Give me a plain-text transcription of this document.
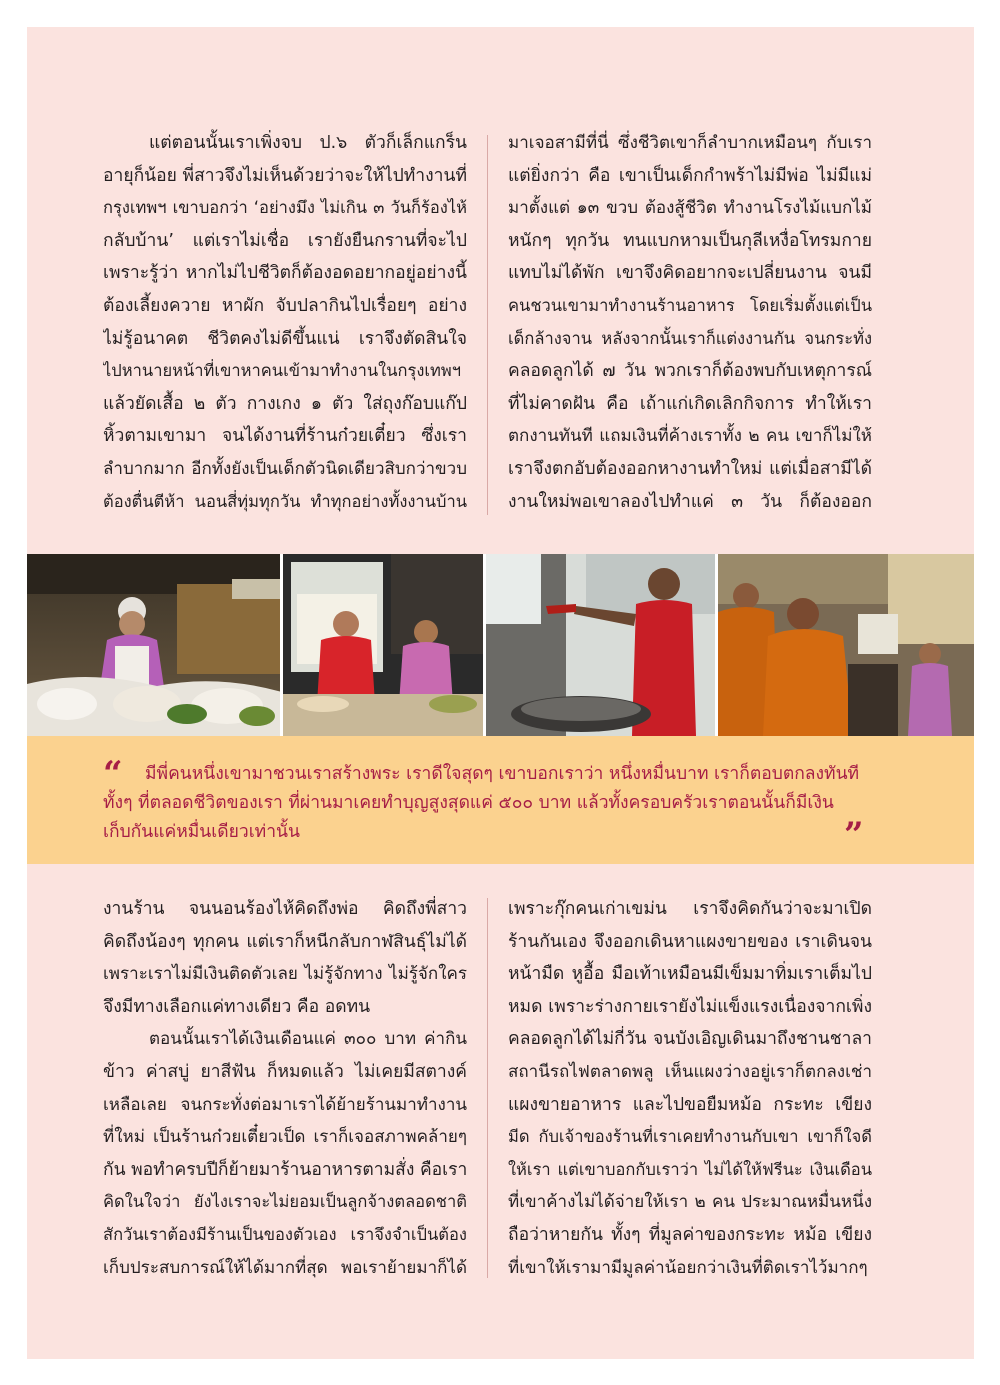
แต่ตอนนั้นเราเพิ่งจบ ป.๖ ตัวก็เล็กแกร็น

อายุก็น้อย พี่สาวจึงไม่เห็นด้วยว่าจะให้ไปทำงานที่

กรุงเทพฯ เขาบอกว่า ‘อย่างมึง ไม่เกิน ๓ วันก็ร้องไห้

กลับบ้าน’ แต่เราไม่เชื่อ เรายังยืนกรานที่จะไป

เพราะรู้ว่า หากไม่ไปชีวิตก็ต้องอดอยากอยู่อย่างนี้

ต้องเลี้ยงควาย หาผัก จับปลากินไปเรื่อยๆ อย่าง

ไม่รู้อนาคต ชีวิตคงไม่ดีขึ้นแน่ เราจึงตัดสินใจ

ไปหานายหน้าที่เขาหาคนเข้ามาทำงานในกรุงเทพฯ

แล้วยัดเสื้อ ๒ ตัว กางเกง ๑ ตัว ใส่ถุงก๊อบแก๊ป

หิ้วตามเขามา จนได้งานที่ร้านก๋วยเตี๋ยว ซึ่งเรา

ลำบากมาก อีกทั้งยังเป็นเด็กตัวนิดเดียวสิบกว่าขวบ

ต้องตื่นตีห้า นอนสี่ทุ่มทุกวัน ทำทุกอย่างทั้งงานบ้าน

มาเจอสามีที่นี่ ซึ่งชีวิตเขาก็ลำบากเหมือนๆ กับเรา

แต่ยิ่งกว่า คือ เขาเป็นเด็กกำพร้าไม่มีพ่อ ไม่มีแม่

มาตั้งแต่ ๑๓ ขวบ ต้องสู้ชีวิต ทำงานโรงไม้แบกไม้

หนักๆ ทุกวัน ทนแบกหามเป็นกุลีเหงื่อโทรมกาย

แทบไม่ได้พัก เขาจึงคิดอยากจะเปลี่ยนงาน จนมี

คนชวนเขามาทำงานร้านอาหาร โดยเริ่มตั้งแต่เป็น

เด็กล้างจาน หลังจากนั้นเราก็แต่งงานกัน จนกระทั่ง

คลอดลูกได้ ๗ วัน พวกเราก็ต้องพบกับเหตุการณ์

ที่ไม่คาดฝัน คือ เถ้าแก่เกิดเลิกกิจการ ทำให้เรา

ตกงานทันที แถมเงินที่ค้างเราทั้ง ๒ คน เขาก็ไม่ให้

เราจึงตกอับต้องออกหางานทำใหม่ แต่เมื่อสามีได้

งานใหม่พอเขาลองไปทำแค่ ๓ วัน ก็ต้องออก

“	มีพี่คนหนึ่งเขามาชวนเราสร้างพระ เราดีใจสุดๆ เขาบอกเราว่า หนึ่งหมื่นบาท เราก็ตอบตกลงทันที

ทั้งๆ ที่ตลอดชีวิตของเรา ที่ผ่านมาเคยทำบุญสูงสุดแค่ ๕๐๐ บาท แล้วทั้งครอบครัวเราตอนนั้นก็มีเงิน

เก็บกันแค่หมื่นเดียวเท่านั้น	”

งานร้าน จนนอนร้องไห้คิดถึงพ่อ คิดถึงพี่สาว

คิดถึงน้องๆ ทุกคน แต่เราก็หนีกลับกาฬสินธุ์ไม่ได้

เพราะเราไม่มีเงินติดตัวเลย ไม่รู้จักทาง ไม่รู้จักใคร

จึงมีทางเลือกแค่ทางเดียว คือ อดทน

ตอนนั้นเราได้เงินเดือนแค่ ๓๐๐ บาท ค่ากิน

ข้าว ค่าสบู่ ยาสีฟัน ก็หมดแล้ว ไม่เคยมีสตางค์

เหลือเลย จนกระทั่งต่อมาเราได้ย้ายร้านมาทำงาน

ที่ใหม่ เป็นร้านก๋วยเตี๋ยวเป็ด เราก็เจอสภาพคล้ายๆ

กัน พอทำครบปีก็ย้ายมาร้านอาหารตามสั่ง คือเรา

คิดในใจว่า ยังไงเราจะไม่ยอมเป็นลูกจ้างตลอดชาติ

สักวันเราต้องมีร้านเป็นของตัวเอง เราจึงจำเป็นต้อง

เก็บประสบการณ์ให้ได้มากที่สุด พอเราย้ายมาก็ได้

เพราะกุ๊กคนเก่าเขม่น เราจึงคิดกันว่าจะมาเปิด

ร้านกันเอง จึงออกเดินหาแผงขายของ เราเดินจน

หน้ามืด หูอื้อ มือเท้าเหมือนมีเข็มมาทิ่มเราเต็มไป

หมด เพราะร่างกายเรายังไม่แข็งแรงเนื่องจากเพิ่ง

คลอดลูกได้ไม่กี่วัน จนบังเอิญเดินมาถึงชานชาลา

สถานีรถไฟตลาดพลู เห็นแผงว่างอยู่เราก็ตกลงเช่า

แผงขายอาหาร และไปขอยืมหม้อ กระทะ เขียง

มีด กับเจ้าของร้านที่เราเคยทำงานกับเขา เขาก็ใจดี

ให้เรา แต่เขาบอกกับเราว่า ไม่ได้ให้ฟรีนะ เงินเดือน

ที่เขาค้างไม่ได้จ่ายให้เรา ๒ คน ประมาณหมื่นหนึ่ง

ถือว่าหายกัน ทั้งๆ ที่มูลค่าของกระทะ หม้อ เขียง

ที่เขาให้เรามามีมูลค่าน้อยกว่าเงินที่ติดเราไว้มากๆ
